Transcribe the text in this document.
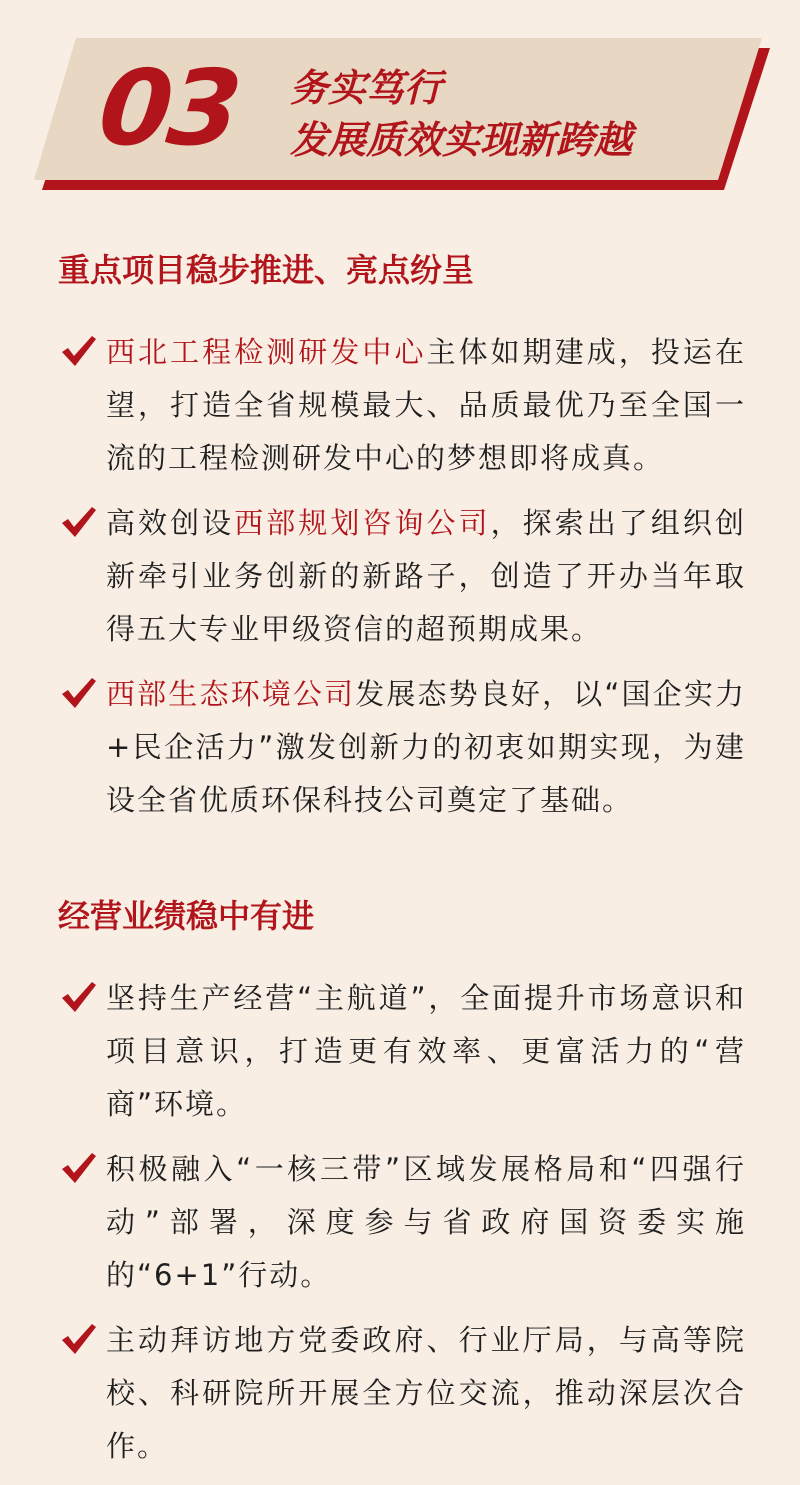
03 务实笃行
发展质效实现新跨越
重点项目稳步推进、亮点纷呈
西北工程检测研发中心主体如期建成，投运在望，打造全省规模最大、品质最优乃至全国一流的工程检测研发中心的梦想即将成真。
高效创设西部规划咨询公司，探索出了组织创新牵引业务创新的新路子，创造了开办当年取得五大专业甲级资信的超预期成果。
西部生态环境公司发展态势良好，以“国企实力+民企活力”激发创新力的初衷如期实现，为建设全省优质环保科技公司奠定了基础。
经营业绩稳中有进
坚持生产经营“主航道”，全面提升市场意识和项目意识，打造更有效率、更富活力的“营商”环境。
积极融入“一核三带”区域发展格局和“四强行动”部署，深度参与省政府国资委实施的“6+1”行动。
主动拜访地方党委政府、行业厅局，与高等院校、科研院所开展全方位交流，推动深层次合作。
